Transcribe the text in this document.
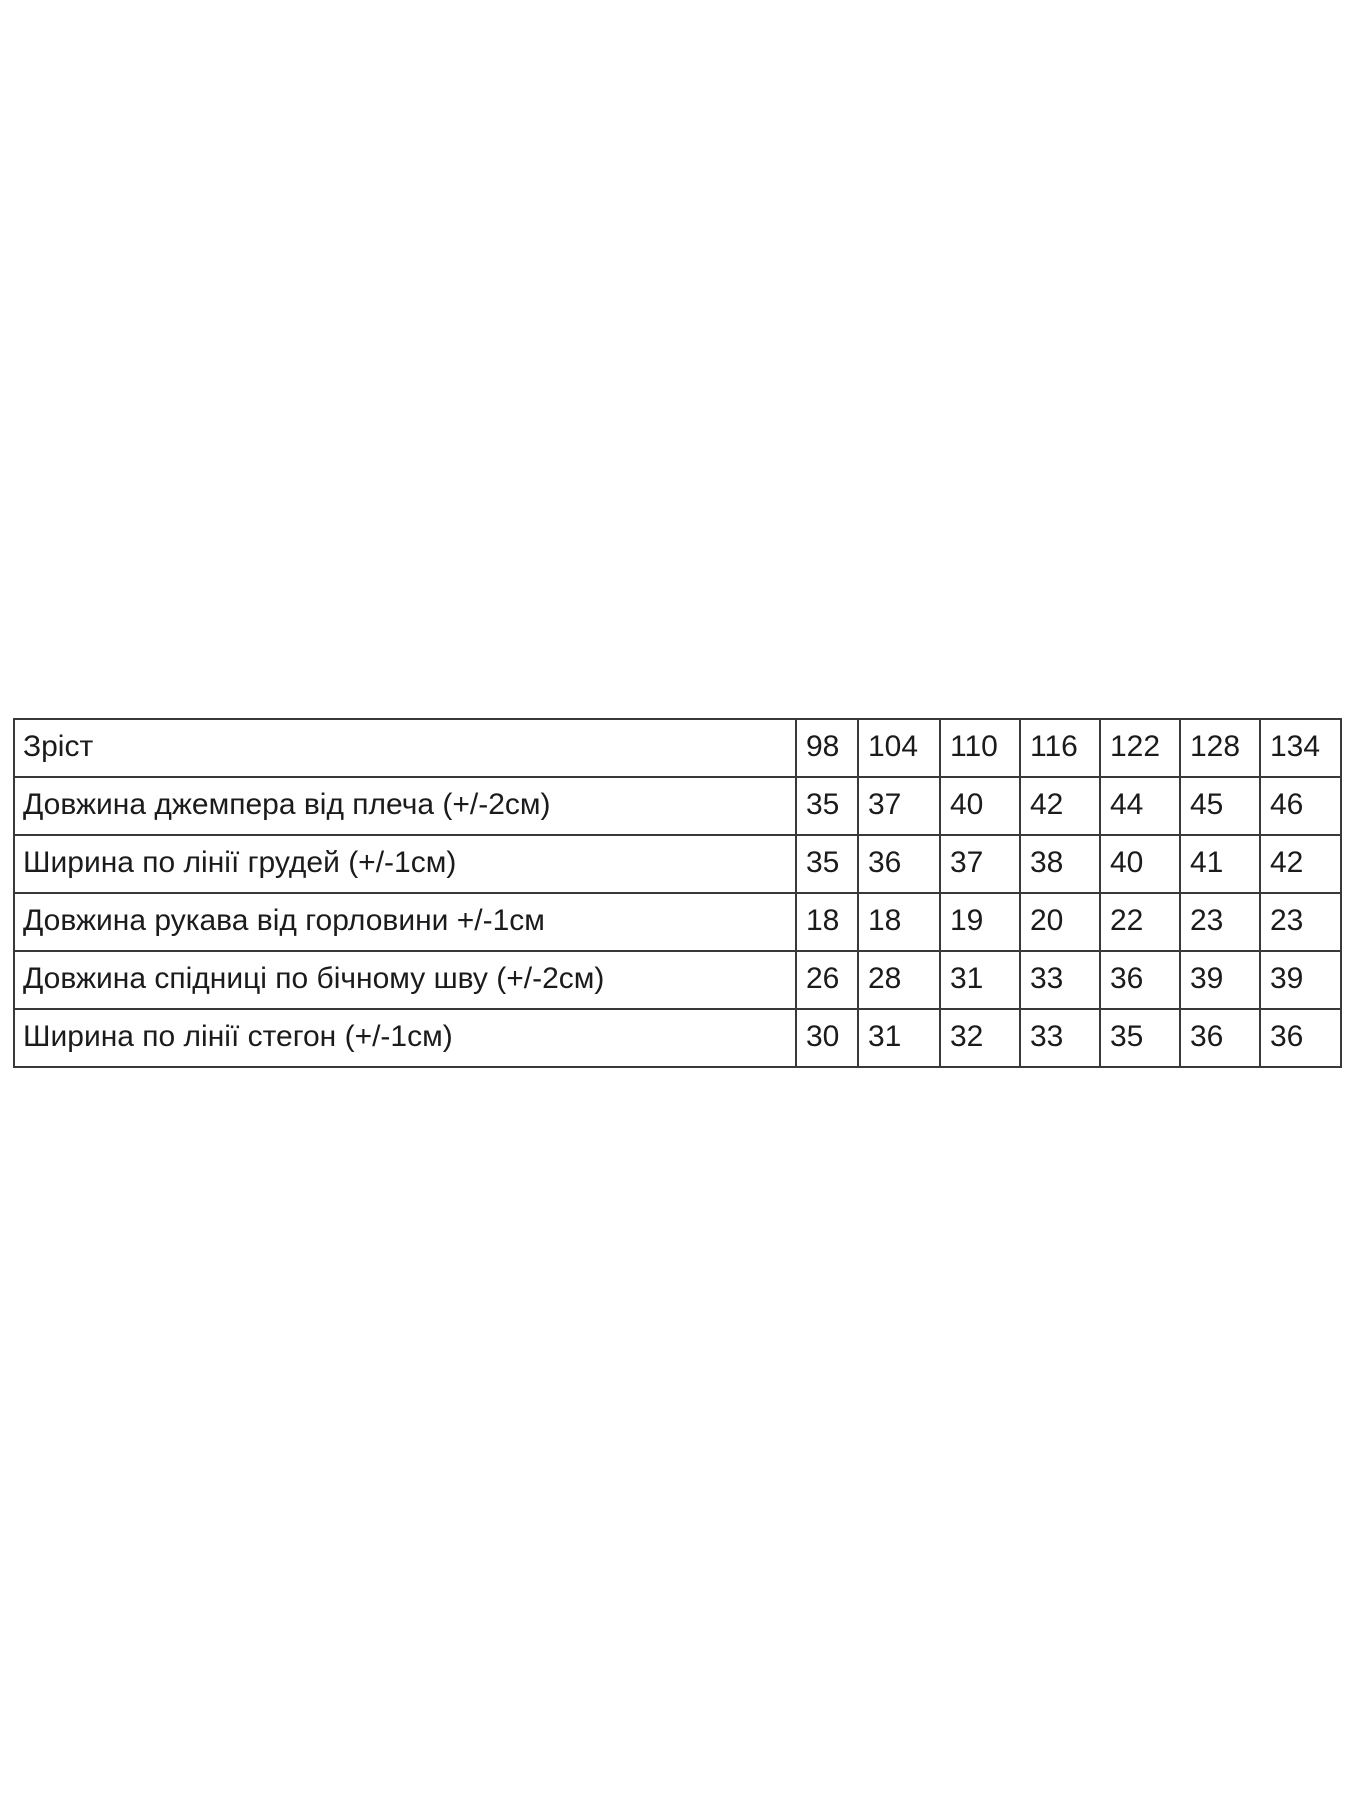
Зріст	98	104	110	116	122	128	134
Довжина джемпера від плеча (+/-2см)	35	37	40	42	44	45	46
Ширина по лінії грудей (+/-1см)	35	36	37	38	40	41	42
Довжина рукава від горловини +/-1см	18	18	19	20	22	23	23
Довжина спідниці по бічному шву (+/-2см)	26	28	31	33	36	39	39
Ширина по лінії стегон (+/-1см)	30	31	32	33	35	36	36
